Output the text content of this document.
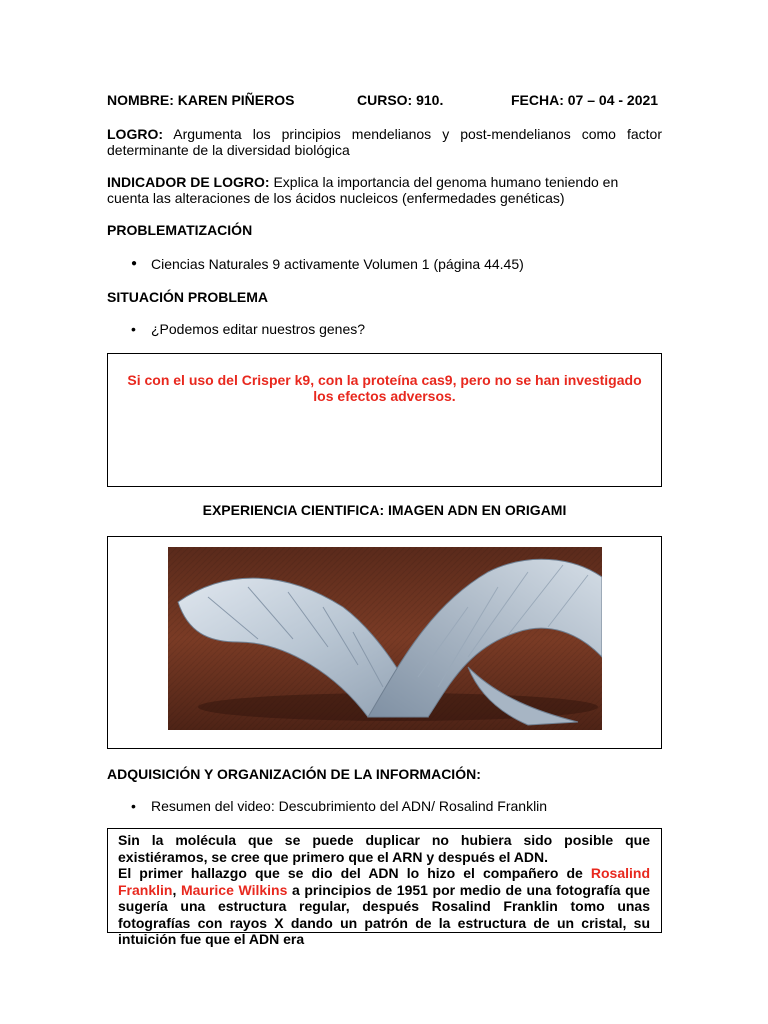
NOMBRE: KAREN PIÑEROS	CURSO: 910.	FECHA: 07 – 04 - 2021
LOGRO: Argumenta los principios mendelianos y post-mendelianos como factor determinante de la diversidad biológica
INDICADOR DE LOGRO: Explica la importancia del genoma humano teniendo en cuenta las alteraciones de los ácidos nucleicos (enfermedades genéticas)
PROBLEMATIZACIÓN
● Ciencias Naturales 9 activamente Volumen 1 (página 44.45)
SITUACIÓN PROBLEMA
• ¿Podemos editar nuestros genes?
Si con el uso del Crisper k9, con la proteína cas9, pero no se han investigado los efectos adversos.
EXPERIENCIA CIENTIFICA: IMAGEN ADN EN ORIGAMI
ADQUISICIÓN Y ORGANIZACIÓN DE LA INFORMACIÓN:
• Resumen del video: Descubrimiento del ADN/ Rosalind Franklin

Sin la molécula que se puede duplicar no hubiera sido posible que existiéramos, se cree que primero que el ARN y después el ADN.

El primer hallazgo que se dio del ADN lo hizo el compañero de Rosalind Franklin, Maurice Wilkins a principios de 1951 por medio de una fotografía que sugería una estructura regular, después Rosalind Franklin tomo unas fotografías con rayos X dando un patrón de la estructura de un cristal, su intuición fue que el ADN era
